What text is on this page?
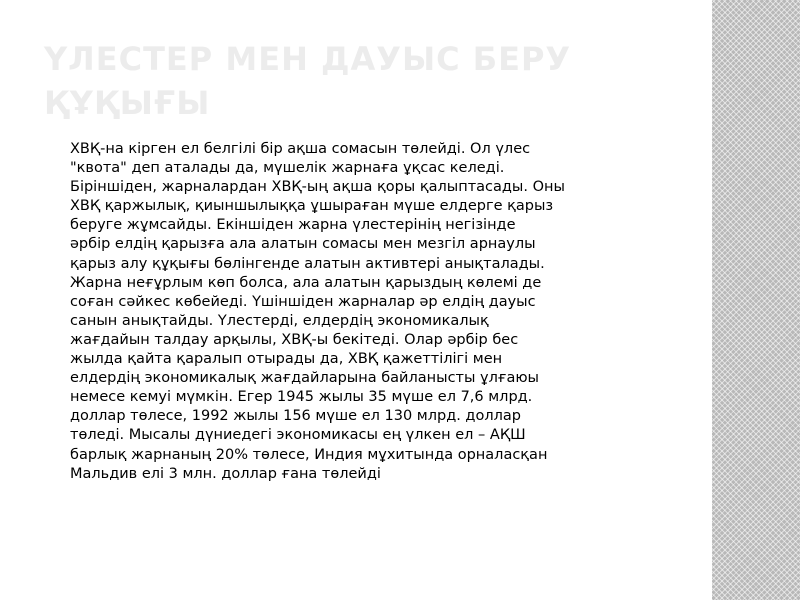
ҮЛЕСТЕР МЕН ДАУЫС БЕРУ ҚҰҚЫҒЫ

ХВҚ-на кірген ел белгілі бір ақша сомасын төлейді. Ол үлес
"квота" деп аталады да, мүшелік жарнаға ұқсас келеді.
Біріншіден, жарналардан ХВҚ-ың ақша қоры қалыптасады. Оны
ХВҚ қаржылық, қиыншылыққа ұшыраған мүше елдерге қарыз
беруге жұмсайды. Екіншіден жарна үлестерінің негізінде
әрбір елдің қарызға ала алатын сомасы мен мезгіл арнаулы
қарыз алу құқығы бөлінгенде алатын активтері анықталады.
Жарна неғұрлым көп болса, ала алатын қарыздың көлемі де
соған сәйкес көбейеді. Үшіншіден жарналар әр елдің дауыс
санын анықтайды. Үлестерді, елдердің экономикалық
жағдайын талдау арқылы, ХВҚ-ы бекітеді. Олар әрбір бес
жылда қайта қаралып отырады да, ХВҚ қажеттілігі мен
елдердің экономикалық жағдайларына байланысты ұлғаюы
немесе кемуі мүмкін. Егер 1945 жылы 35 мүше ел 7,6 млрд.
доллар төлесе, 1992 жылы 156 мүше ел 130 млрд. доллар
төледі. Мысалы дүниедегі экономикасы ең үлкен ел – АҚШ
барлық жарнаның 20% төлесе, Индия мұхитында орналасқан
Мальдив елі 3 млн. доллар ғана төлейді
